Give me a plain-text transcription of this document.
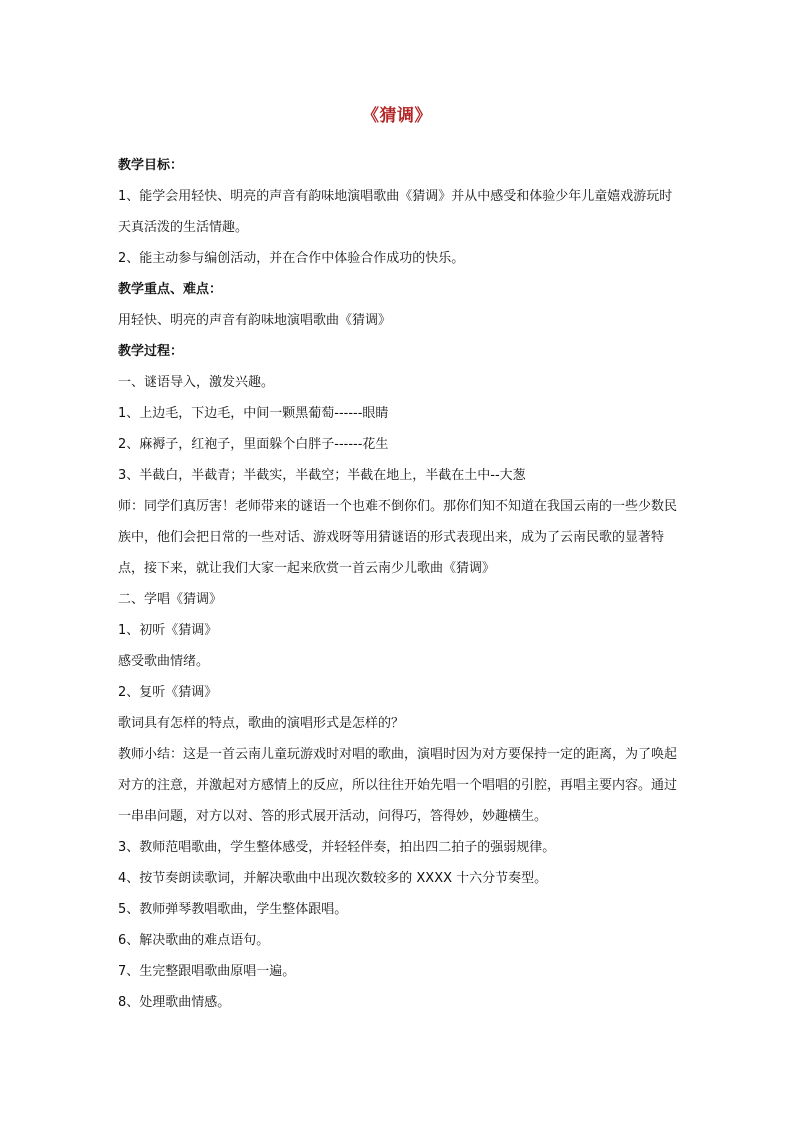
《猜调》

教学目标：

1、能学会用轻快、明亮的声音有韵味地演唱歌曲《猜调》并从中感受和体验少年儿童嬉戏游玩时天真活泼的生活情趣。

2、能主动参与编创活动，并在合作中体验合作成功的快乐。

教学重点、难点：

用轻快、明亮的声音有韵味地演唱歌曲《猜调》

教学过程：

一、谜语导入，激发兴趣。

1、上边毛，下边毛，中间一颗黑葡萄------眼睛

2、麻褥子，红袍子，里面躲个白胖子------花生

3、半截白，半截青；半截实，半截空；半截在地上，半截在土中--大葱

师：同学们真厉害！老师带来的谜语一个也难不倒你们。那你们知不知道在我国云南的一些少数民族中，他们会把日常的一些对话、游戏呀等用猜谜语的形式表现出来，成为了云南民歌的显著特点，接下来，就让我们大家一起来欣赏一首云南少儿歌曲《猜调》

二、学唱《猜调》

1、初听《猜调》

感受歌曲情绪。

2、复听《猜调》

歌词具有怎样的特点，歌曲的演唱形式是怎样的？

教师小结：这是一首云南儿童玩游戏时对唱的歌曲，演唱时因为对方要保持一定的距离，为了唤起对方的注意，并激起对方感情上的反应，所以往往开始先唱一个唱唱的引腔，再唱主要内容。通过一串串问题，对方以对、答的形式展开活动，问得巧，答得妙，妙趣横生。

3、教师范唱歌曲，学生整体感受，并轻轻伴奏，拍出四二拍子的强弱规律。

4、按节奏朗读歌词，并解决歌曲中出现次数较多的 XXXX 十六分节奏型。

5、教师弹琴教唱歌曲，学生整体跟唱。

6、解决歌曲的难点语句。

7、生完整跟唱歌曲原唱一遍。

8、处理歌曲情感。
